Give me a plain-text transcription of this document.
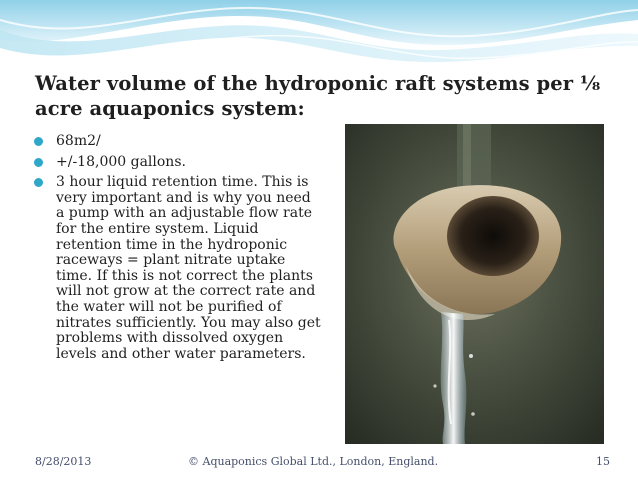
Water volume of the hydroponic raft systems per ⅛ acre aquaponics system:
68m2/
+/-18,000 gallons.
3 hour liquid retention time. This is very important and is why you need a pump with an adjustable flow rate for the entire system. Liquid retention time in the hydroponic raceways = plant nitrate uptake time. If this is not correct the plants will not grow at the correct rate and the water will not be purified of nitrates sufficiently. You may also get problems with dissolved oxygen levels and other water parameters.
8/28/2013	© Aquaponics Global Ltd., London, England.	15
